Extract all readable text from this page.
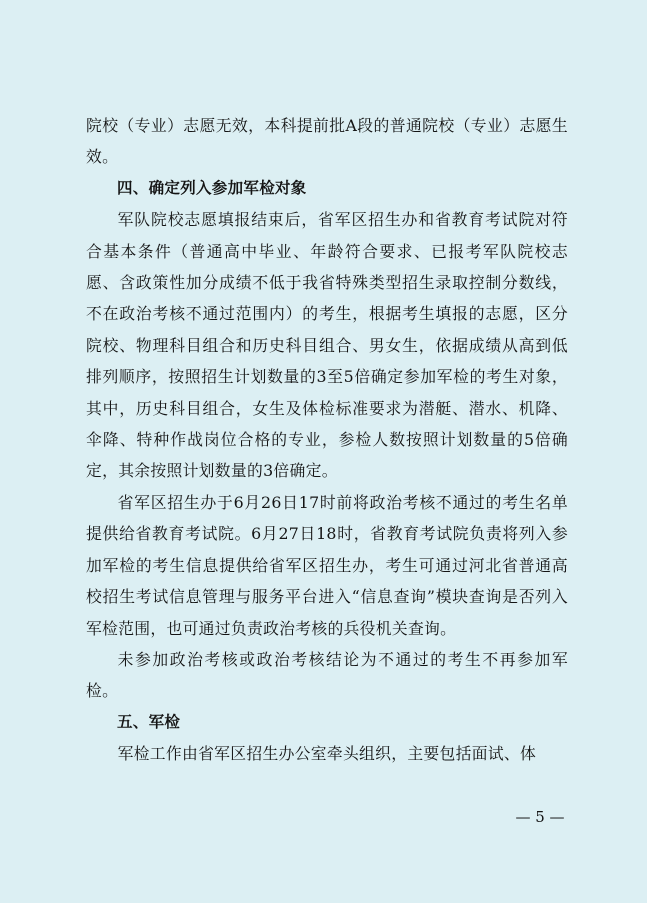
院校（专业）志愿无效，本科提前批A段的普通院校（专业）志愿生效。

四、确定列入参加军检对象

军队院校志愿填报结束后，省军区招生办和省教育考试院对符合基本条件（普通高中毕业、年龄符合要求、已报考军队院校志愿、含政策性加分成绩不低于我省特殊类型招生录取控制分数线，不在政治考核不通过范围内）的考生，根据考生填报的志愿，区分院校、物理科目组合和历史科目组合、男女生，依据成绩从高到低排列顺序，按照招生计划数量的3至5倍确定参加军检的考生对象，其中，历史科目组合，女生及体检标准要求为潜艇、潜水、机降、伞降、特种作战岗位合格的专业，参检人数按照计划数量的5倍确定，其余按照计划数量的3倍确定。

省军区招生办于6月26日17时前将政治考核不通过的考生名单提供给省教育考试院。6月27日18时，省教育考试院负责将列入参加军检的考生信息提供给省军区招生办，考生可通过河北省普通高校招生考试信息管理与服务平台进入“信息查询”模块查询是否列入军检范围，也可通过负责政治考核的兵役机关查询。

未参加政治考核或政治考核结论为不通过的考生不再参加军检。

五、军检

军检工作由省军区招生办公室牵头组织，主要包括面试、体

— 5 —
